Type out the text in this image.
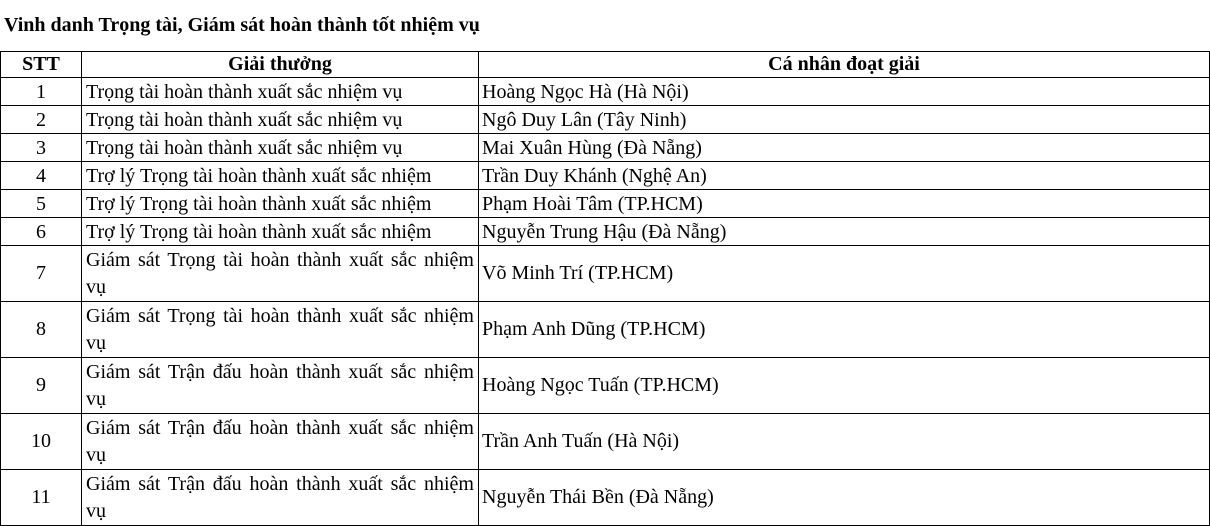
Vinh danh Trọng tài, Giám sát hoàn thành tốt nhiệm vụ
STT	Giải thưởng	Cá nhân đoạt giải
1	Trọng tài hoàn thành xuất sắc nhiệm vụ	Hoàng Ngọc Hà (Hà Nội)
2	Trọng tài hoàn thành xuất sắc nhiệm vụ	Ngô Duy Lân (Tây Ninh)
3	Trọng tài hoàn thành xuất sắc nhiệm vụ	Mai Xuân Hùng (Đà Nẵng)
4	Trợ lý Trọng tài hoàn thành xuất sắc nhiệm	Trần Duy Khánh (Nghệ An)
5	Trợ lý Trọng tài hoàn thành xuất sắc nhiệm	Phạm Hoài Tâm (TP.HCM)
6	Trợ lý Trọng tài hoàn thành xuất sắc nhiệm	Nguyễn Trung Hậu (Đà Nẵng)
7	Giám sát Trọng tài hoàn thành xuất sắc nhiệm vụ	Võ Minh Trí (TP.HCM)
8	Giám sát Trọng tài hoàn thành xuất sắc nhiệm vụ	Phạm Anh Dũng (TP.HCM)
9	Giám sát Trận đấu hoàn thành xuất sắc nhiệm vụ	Hoàng Ngọc Tuấn (TP.HCM)
10	Giám sát Trận đấu hoàn thành xuất sắc nhiệm vụ	Trần Anh Tuấn (Hà Nội)
11	Giám sát Trận đấu hoàn thành xuất sắc nhiệm vụ	Nguyễn Thái Bền (Đà Nẵng)
